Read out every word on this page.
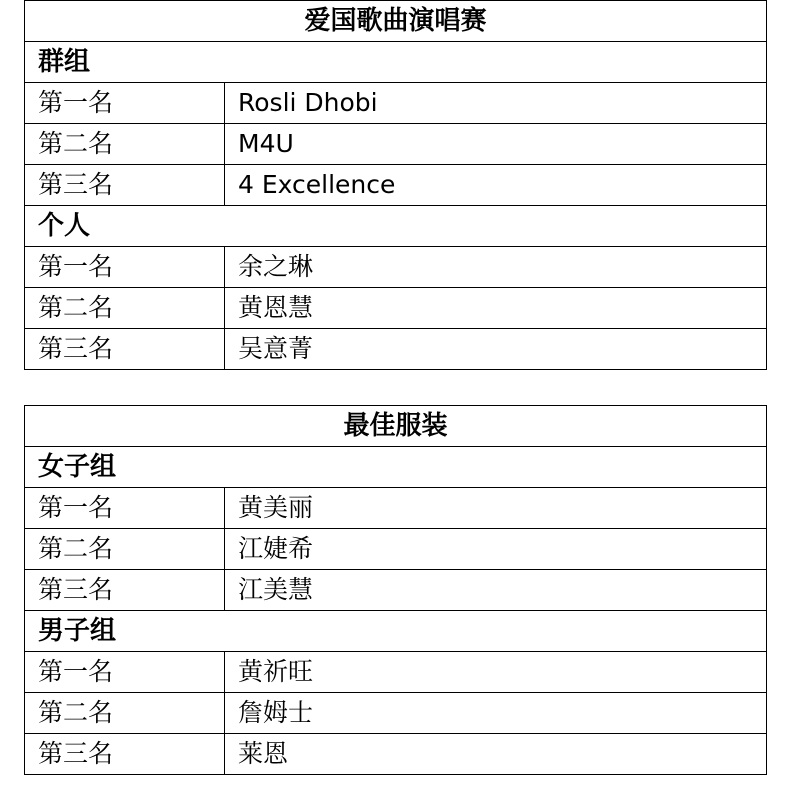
爱国歌曲演唱赛	
群组	
第一名	Rosli Dhobi
第二名	M4U
第三名	4 Excellence
个人	
第一名	余之琳
第二名	黄恩慧
第三名	吴意菁
最佳服装	
女子组	
第一名	黄美丽
第二名	江婕希
第三名	江美慧
男子组	
第一名	黄祈旺
第二名	詹姆士
第三名	莱恩
